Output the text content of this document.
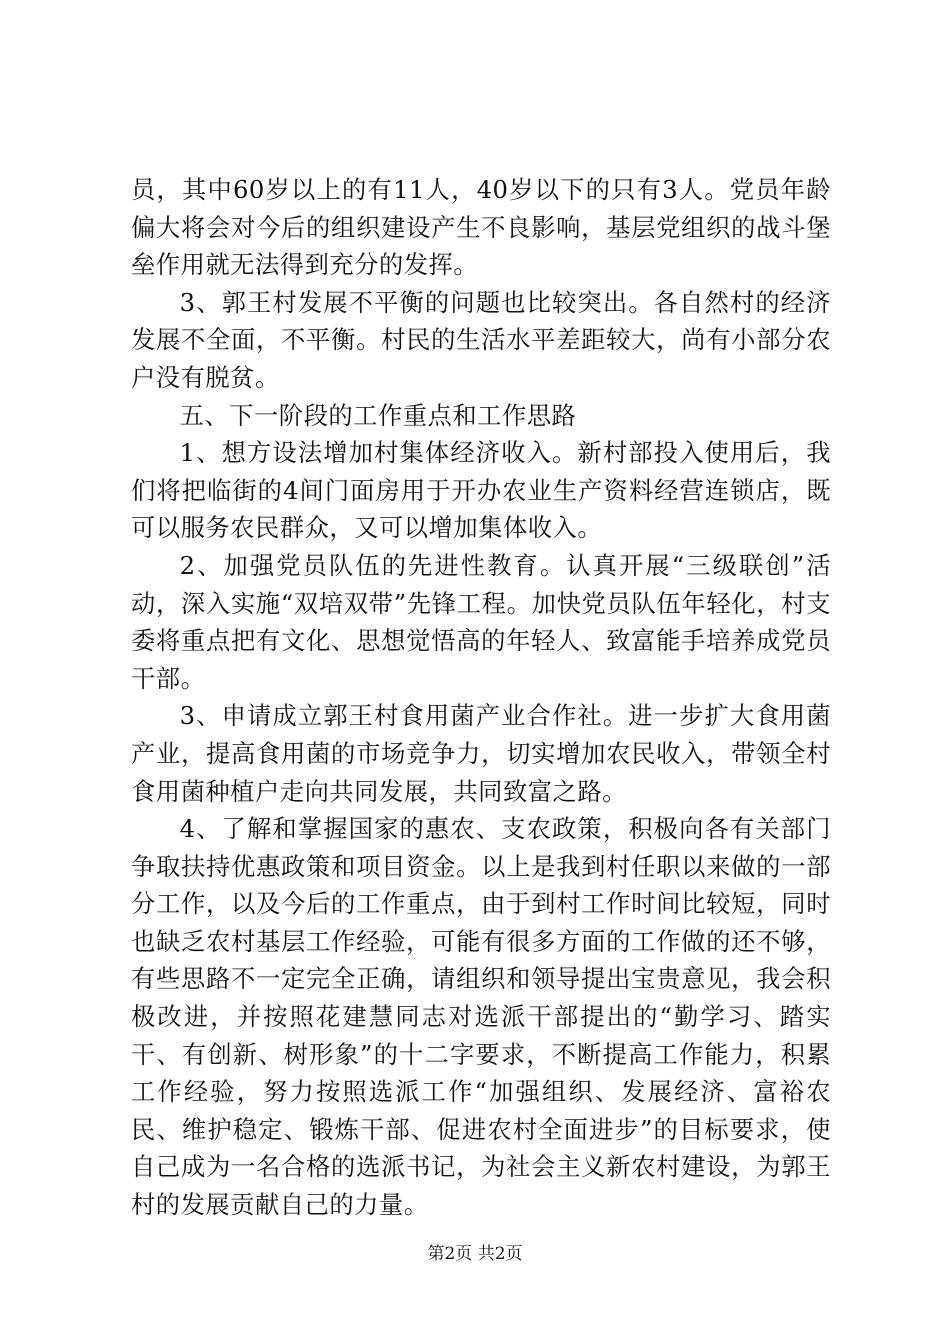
员，其中60岁以上的有11人，40岁以下的只有3人。党员年龄偏大将会对今后的组织建设产生不良影响，基层党组织的战斗堡垒作用就无法得到充分的发挥。

3、郭王村发展不平衡的问题也比较突出。各自然村的经济发展不全面，不平衡。村民的生活水平差距较大，尚有小部分农户没有脱贫。

五、下一阶段的工作重点和工作思路

1、想方设法增加村集体经济收入。新村部投入使用后，我们将把临街的4间门面房用于开办农业生产资料经营连锁店，既可以服务农民群众，又可以增加集体收入。

2、加强党员队伍的先进性教育。认真开展“三级联创”活动，深入实施“双培双带”先锋工程。加快党员队伍年轻化，村支委将重点把有文化、思想觉悟高的年轻人、致富能手培养成党员干部。

3、申请成立郭王村食用菌产业合作社。进一步扩大食用菌产业，提高食用菌的市场竞争力，切实增加农民收入，带领全村食用菌种植户走向共同发展，共同致富之路。

4、了解和掌握国家的惠农、支农政策，积极向各有关部门争取扶持优惠政策和项目资金。以上是我到村任职以来做的一部分工作，以及今后的工作重点，由于到村工作时间比较短，同时也缺乏农村基层工作经验，可能有很多方面的工作做的还不够，有些思路不一定完全正确，请组织和领导提出宝贵意见，我会积极改进，并按照花建慧同志对选派干部提出的“勤学习、踏实干、有创新、树形象”的十二字要求，不断提高工作能力，积累工作经验，努力按照选派工作“加强组织、发展经济、富裕农民、维护稳定、锻炼干部、促进农村全面进步”的目标要求，使自己成为一名合格的选派书记，为社会主义新农村建设，为郭王村的发展贡献自己的力量。

第2页 共2页
